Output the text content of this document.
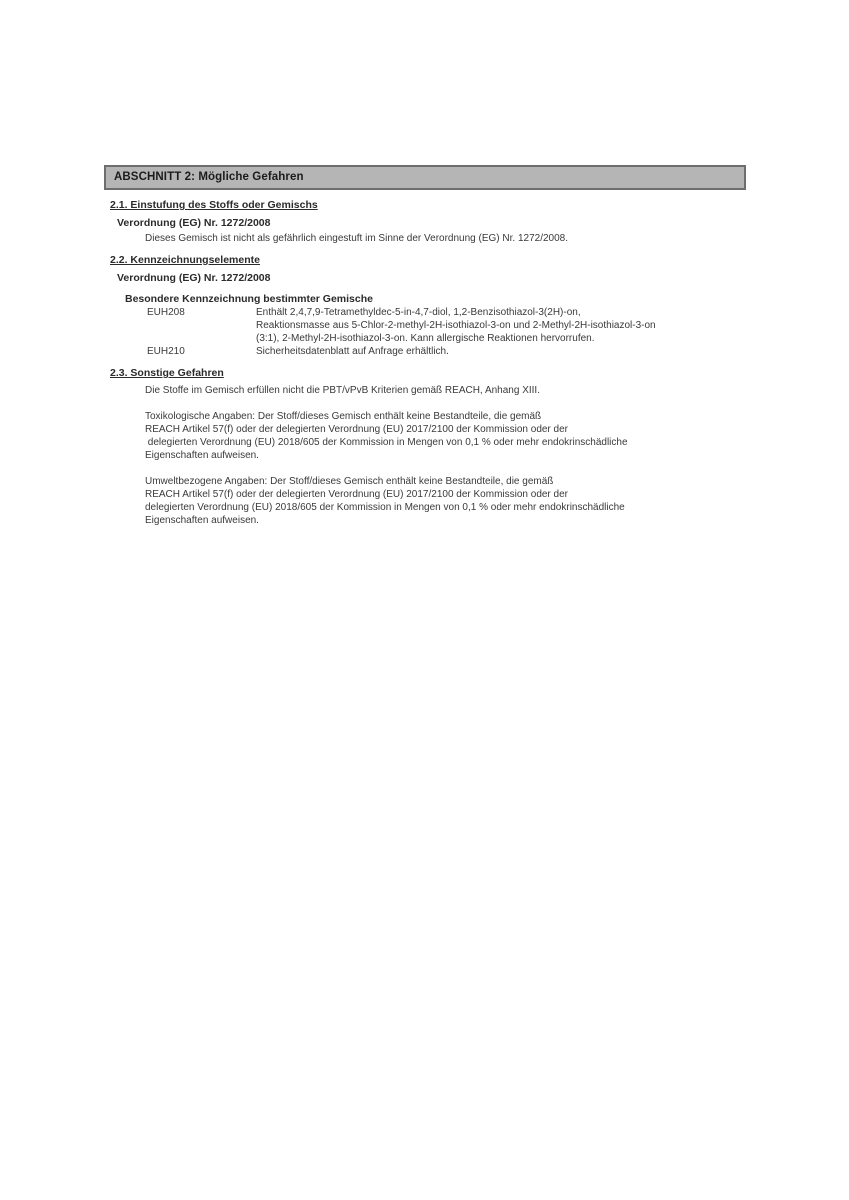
ABSCHNITT 2: Mögliche Gefahren
2.1. Einstufung des Stoffs oder Gemischs
Verordnung (EG) Nr. 1272/2008
Dieses Gemisch ist nicht als gefährlich eingestuft im Sinne der Verordnung (EG) Nr. 1272/2008.
2.2. Kennzeichnungselemente
Verordnung (EG) Nr. 1272/2008
Besondere Kennzeichnung bestimmter Gemische
EUH208	Enthält 2,4,7,9-Tetramethyldec-5-in-4,7-diol, 1,2-Benzisothiazol-3(2H)-on,
Reaktionsmasse aus 5-Chlor-2-methyl-2H-isothiazol-3-on und 2-Methyl-2H-isothiazol-3-on
(3:1), 2-Methyl-2H-isothiazol-3-on. Kann allergische Reaktionen hervorrufen.
EUH210	Sicherheitsdatenblatt auf Anfrage erhältlich.
2.3. Sonstige Gefahren
Die Stoffe im Gemisch erfüllen nicht die PBT/vPvB Kriterien gemäß REACH, Anhang XIII.
Toxikologische Angaben: Der Stoff/dieses Gemisch enthält keine Bestandteile, die gemäß
REACH Artikel 57(f) oder der delegierten Verordnung (EU) 2017/2100 der Kommission oder der
delegierten Verordnung (EU) 2018/605 der Kommission in Mengen von 0,1 % oder mehr endokrinschädliche
Eigenschaften aufweisen.
Umweltbezogene Angaben: Der Stoff/dieses Gemisch enthält keine Bestandteile, die gemäß
REACH Artikel 57(f) oder der delegierten Verordnung (EU) 2017/2100 der Kommission oder der
delegierten Verordnung (EU) 2018/605 der Kommission in Mengen von 0,1 % oder mehr endokrinschädliche
Eigenschaften aufweisen.
